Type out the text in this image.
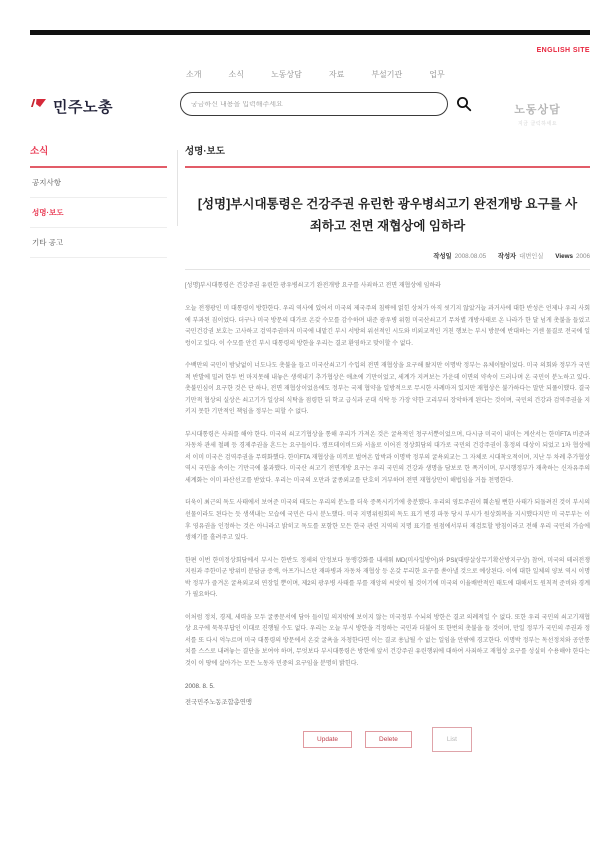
ENGLISH SITE
민주노총
소개	소식	노동상담	자료	부설기관	업무
궁금하신 내용을 입력해주세요
노동상담
지금 클릭하세요
소식
공지사항
성명·보도
기타 공고
성명·보도
[성명]부시대통령은 건강주권 유린한 광우병쇠고기 완전개방 요구를 사죄하고 전면 재협상에 임하라
작성일 2008.08.05 작성자 대변인실 Views 2006

[성명]부시대통령은 건강주권 유린한 광우병쇠고기 완전개방 요구를 사죄하고 전면 재협상에 임하라

오늘 전쟁광인 미 대통령이 방한한다. 우리 역사에 있어서 미국의 제국주의 침략에 얽힌 상처가 아직 씻기지 않았거늘 과거사에 대한 반성은 언제나 우리 사회에 부과된 짐이었다. 더구나 미국 방문의 대가로 온갖 수모를 감수하며 내준 광우병 위험 미국산쇠고기 무차별 개방사태로 온 나라가 한 달 넘게 촛불을 들었고 국민건강권 보호는 고사하고 검역주권마저 미국에 내맡긴 부시 서방의 위선적인 시도와 비외교적인 거친 행보는 부시 방문에 반대하는 거센 물결로 전국에 일렁이고 있다. 이 수모를 안긴 부시 대통령의 방한을 우리는 결코 환영하고 맞이할 수 없다.

수백만의 국민이 밤낮없이 너도나도 촛불을 들고 미국산쇠고기 수입의 전면 재협상을 요구해 왔지만 이명박 정부는 유체이탈이었다. 미국 의회와 정부가 국민적 반발에 밀려 한두 번 마지못해 내놓은 생색내기 추가협상은 애초에 기만이었고, 세계가 지켜보는 가운데 이면의 약속이 드러나며 온 국민이 분노하고 있다. 촛불민심이 요구한 것은 단 하나, 전면 재협상이었음에도 정부는 국제 협약을 일방적으로 무시한 사례마저 있지만 재협상은 불가하다는 말만 되풀이했다. 결국 기만적 협상의 실상은 쇠고기가 일상의 식탁을 점령한 뒤 학교 급식과 군대 식탁 등 가장 약한 고리부터 장악하게 된다는 것이며, 국민의 건강과 검역주권을 지키지 못한 기만적인 책임을 정부는 피할 수 없다.

부시대통령은 사죄를 해야 한다. 미국의 쇠고기협상을 통해 우리가 가져온 것은 굴욕적인 청구서뿐이었으며, 다시금 미국이 내미는 계산서는 한미FTA 비준과 자동차 관세 철폐 등 경제주권을 흔드는 요구들이다. 캠프데이비드와 서울로 이어진 정상회담의 대가로 국민의 건강주권이 흥정의 대상이 되었고 1차 협상에서 이미 미국은 검역주권을 무력화했다. 한미FTA 재협상을 미끼로 벌여온 압박과 이명박 정부의 굴욕외교는 그 자체로 시대착오적이며, 지난 두 차례 추가협상 역시 국민을 속이는 기만극에 불과했다. 미국산 쇠고기 전면개방 요구는 우리 국민의 건강과 생명을 담보로 한 폭거이며, 부시행정부가 재촉하는 신자유주의 세계화는 이미 파산선고를 받았다. 우리는 미국의 오만과 굴종외교를 단호히 거부하며 전면 재협상만이 해법임을 거듭 천명한다.

더욱이 최근의 독도 사태에서 보여준 미국의 태도는 우리의 분노를 더욱 증폭시키기에 충분했다. 우리의 영토주권이 훼손될 뻔한 사태가 되돌려진 것이 부시의 선물이라도 된다는 듯 생색내는 모습에 국민은 다시 분노했다. 미국 지명위원회의 독도 표기 변경 파동 당시 부시가 원상회복을 지시했다지만 미 국무부는 이후 영유권을 인정하는 것은 아니라고 밝히고 독도를 포함한 모든 한국 관련 지역의 지명 표기를 원점에서부터 재검토할 방침이라고 전해 우리 국민의 가슴에 생채기를 흘려주고 있다.

한편 이번 한미정상회담에서 부시는 한반도 정세의 안정보다 동맹강화를 내세워 MD(미사일방어)와 PSI(대량살상무기확산방지구상) 참여, 미국의 테러전쟁 지원과 주한미군 방위비 분담금 증액, 아프가니스탄 재파병과 자동차 재협상 등 온갖 무리한 요구를 쏟아낼 것으로 예상된다. 이에 대한 일체의 양보 역시 이명박 정부가 즐겨온 굴욕외교의 연장일 뿐이며, 제2의 광우병 사태를 부를 재앙의 씨앗이 될 것이기에 미국의 이율배반적인 태도에 대해서도 원칙적 준비와 경계가 필요하다.

이처럼 정치, 경제, 세력을 모두 굴종문서에 담아 들이밀 의지밖에 보이지 않는 미국정부 수뇌의 방한은 결코 의례적일 수 없다. 또한 우리 국민의 쇠고기재협상 요구에 묵묵부답인 이대로 진행될 수도 없다. 우리는 오늘 부시 방한을 걱정하는 국민과 더불어 또 한번의 촛불을 들 것이며, 만일 정부가 국민의 주권과 정서를 또 다시 억누르며 미국 대통령의 방문에서 온갖 굴욕을 자청한다면 이는 결코 용납될 수 없는 일임을 안팎에 경고한다. 이명박 정부는 독선정치와 공안통치를 스스로 내려놓는 결단을 보여야 하며, 무엇보다 부시대통령은 방한에 앞서 건강주권 유린행위에 대하여 사죄하고 재협상 요구를 성실히 수용해야 한다는 것이 이 땅에 살아가는 모든 노동자 민중의 요구임을 분명히 밝힌다.

2008. 8. 5.
전국민주노동조합총연맹
Update	Delete	List
